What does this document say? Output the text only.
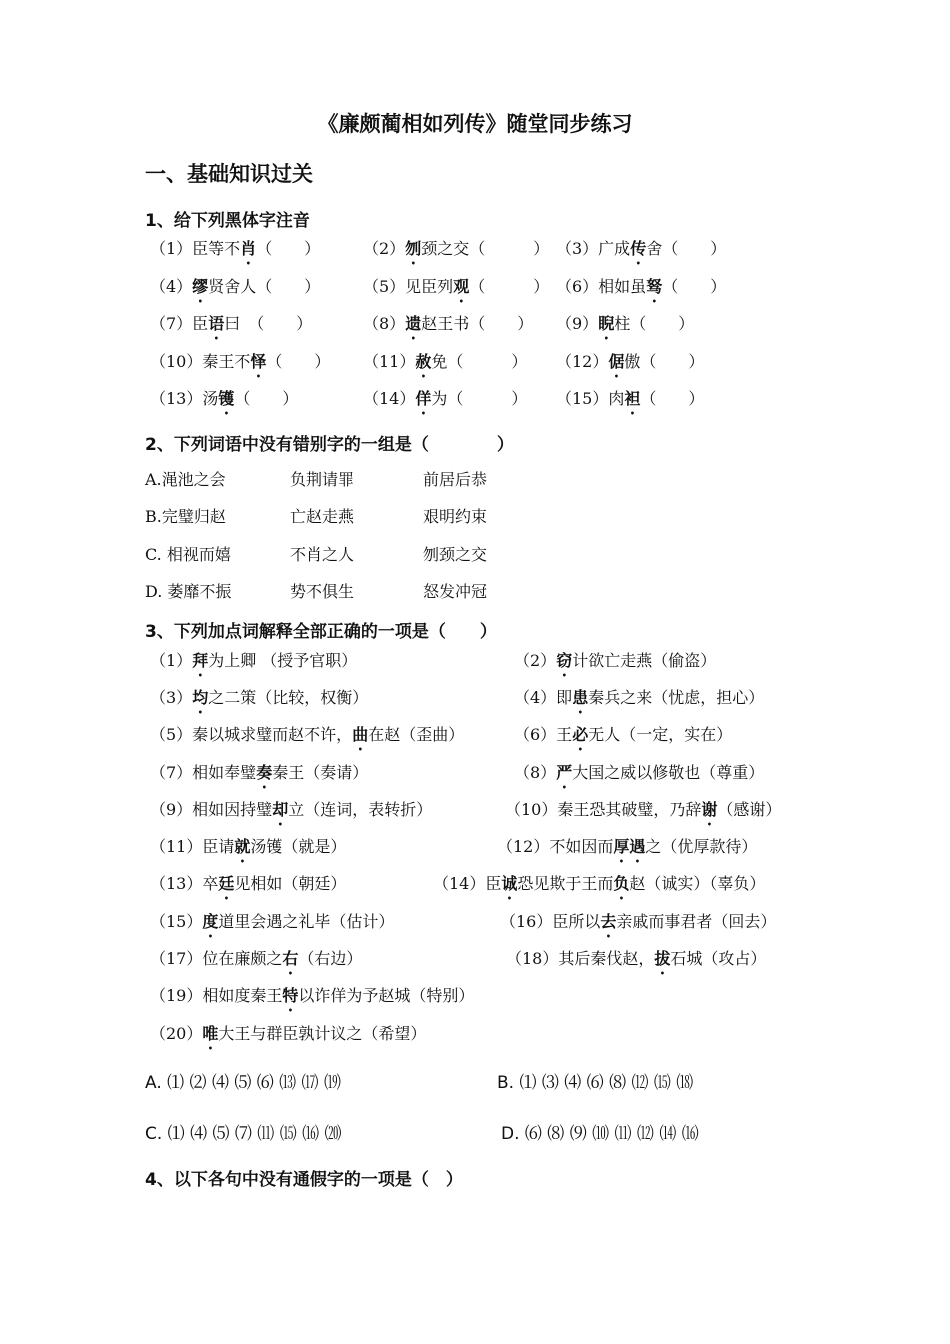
《廉颇蔺相如列传》随堂同步练习
一、基础知识过关
1、给下列黑体字注音
2、下列词语中没有错别字的一组是（　　　　）
3、下列加点词解释全部正确的一项是（　　）
A. ⑴ ⑵ ⑷ ⑸ ⑹ ⒀ ⒄ ⒆	B. ⑴ ⑶ ⑷ ⑹ ⑻ ⑿ ⒂ ⒅
C. ⑴ ⑷ ⑸ ⑺ ⑾ ⒂ ⒃ ⒇	D. ⑹ ⑻ ⑼ ⑽ ⑾ ⑿ ⒁ ⒃
4、以下各句中没有通假字的一项是（　）
（1）臣等不肖（　　）	（2）刎颈之交（　　　） （3）广成传舍（　　）
（4）缪贤舍人（　　）	（5）见臣列观（　　　） （6）相如虽驽（　　）
（7）臣语曰　（　　）	（8）遗赵王书（　　） （9）睨柱（　　）
（10）秦王不怿（　　） （11）赦免（　　　） （12）倨傲（　　）
（13）汤镬（　　）	（14）佯为（　　　） （15）肉袒（　　）
A.渑池之会	负荆请罪	前居后恭
B.完璧归赵	亡赵走燕	艰明约束
C. 相视而嬉	不肖之人	刎颈之交
D. 萎靡不振	势不俱生	怒发冲冠
（1）拜为上卿 （授予官职）	（2）窃计欲亡走燕（偷盗）
（3）均之二策（比较，权衡）	（4）即患秦兵之来（忧虑，担心）
（5）秦以城求璧而赵不许，曲在赵（歪曲）	（6）王必无人（一定，实在）
（7）相如奉璧奏秦王（奏请）	（8）严大国之威以修敬也（尊重）
（9）相如因持璧却立（连词，表转折）	（10）秦王恐其破璧，乃辞谢（感谢）
（11）臣请就汤镬（就是）	（12）不如因而厚遇之（优厚款待）
（13）卒廷见相如（朝廷）	（14）臣诚恐见欺于王而负赵（诚实）（辜负）
（15）度道里会遇之礼毕（估计）	（16）臣所以去亲戚而事君者（回去）
（17）位在廉颇之右（右边）	（18）其后秦伐赵，拔石城（攻占）
（19）相如度秦王特以诈佯为予赵城（特别）
（20）唯大王与群臣孰计议之（希望）
